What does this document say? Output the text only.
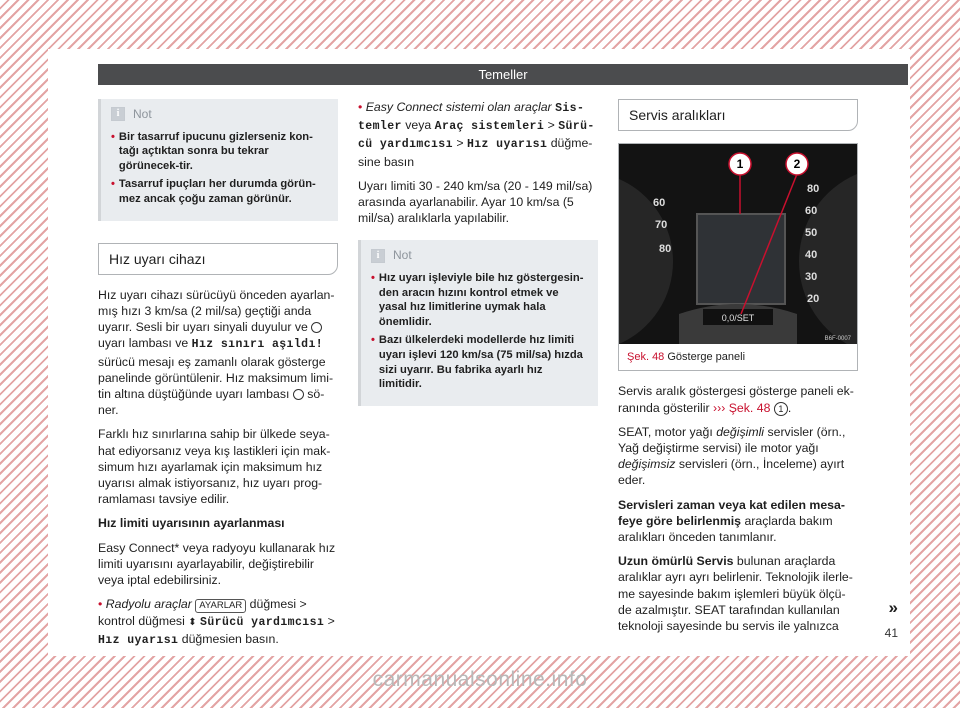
Temeller
i	Not
• Bir tasarruf ipucunu gizlerseniz kon-tağı açtıktan sonra bu tekrar görünecek-tir.
• Tasarruf ipuçları her durumda görün-mez ancak çoğu zaman görünür.
Hız uyarı cihazı

Hız uyarı cihazı sürücüyü önceden ayarlan-mış hızı 3 km/sa (2 mil/sa) geçtiği anda uyarır. Sesli bir uyarı sinyali duyulur ve  uyarı lambası ve Hız sınırı aşıldı! sürücü mesajı eş zamanlı olarak gösterge panelinde görüntülenir. Hız maksimum limi-tin altına düştüğünde uyarı lambası sö-ner.

Farklı hız sınırlarına sahip bir ülkede seya-hat ediyorsanız veya kış lastikleri için mak-simum hızı ayarlamak için maksimum hız uyarısı almak istiyorsanız, hız uyarı prog-ramlaması tavsiye edilir.

Hız limiti uyarısının ayarlanması

Easy Connect* veya radyoyu kullanarak hız limiti uyarısını ayarlayabilir, değiştirebilir veya iptal edebilirsiniz.

• Radyolu araçlar AYARLAR düğmesi > kontrol düğmesi ⬍ Sürücü yardımcısı > Hız uyarısı düğmesien basın.

• Easy Connect sistemi olan araçlar Sis-temler veya Araç sistemleri > Sürü-cü yardımcısı > Hız uyarısı düğme-sine basın

Uyarı limiti 30 - 240 km/sa (20 - 149 mil/sa) arasında ayarlanabilir. Ayar 10 km/sa (5 mil/sa) aralıklarla yapılabilir.

i	Not
• Hız uyarı işleviyle bile hız göstergesin-den aracın hızını kontrol etmek ve yasal hız limitlerine uymak hala önemlidir.
• Bazı ülkelerdeki modellerde hız limiti uyarı işlevi 120 km/sa (75 mil/sa) hızda sizi uyarır. Bu fabrika ayarlı hız limitidir.
Servis aralıkları
0,0/SET
60
70
80
80
60
50
40
30
20
1	2
B6F-0007
Şek. 48 Gösterge paneli

Servis aralık göstergesi gösterge paneli ek-ranında gösterilir ››› Şek. 48 1 .

SEAT, motor yağı değişimli servisler (örn., Yağ değiştirme servisi) ile motor yağı değişimsiz servisleri (örn., İnceleme) ayırt eder.

Servisleri zaman veya kat edilen mesa-feye göre belirlenmiş araçlarda bakım aralıkları önceden tanımlanır.

Uzun ömürlü Servis bulunan araçlarda aralıklar ayrı ayrı belirlenir. Teknolojik ilerle-me sayesinde bakım işlemleri büyük ölçü-de azalmıştır. SEAT tarafından kullanılan teknoloji sayesinde bu servis ile yalnızca

»
41
carmanualsonline.info
